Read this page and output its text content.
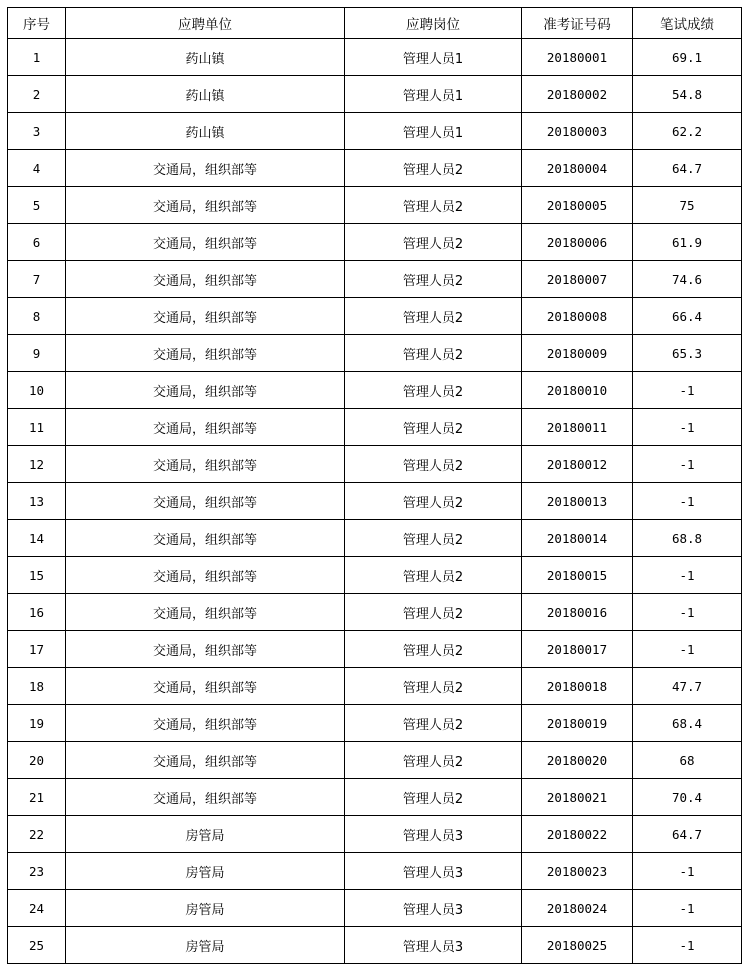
序号	应聘单位	应聘岗位	准考证号码	笔试成绩
1	药山镇	管理人员1	20180001	69.1
2	药山镇	管理人员1	20180002	54.8
3	药山镇	管理人员1	20180003	62.2
4	交通局，组织部等	管理人员2	20180004	64.7
5	交通局，组织部等	管理人员2	20180005	75
6	交通局，组织部等	管理人员2	20180006	61.9
7	交通局，组织部等	管理人员2	20180007	74.6
8	交通局，组织部等	管理人员2	20180008	66.4
9	交通局，组织部等	管理人员2	20180009	65.3
10	交通局，组织部等	管理人员2	20180010	-1
11	交通局，组织部等	管理人员2	20180011	-1
12	交通局，组织部等	管理人员2	20180012	-1
13	交通局，组织部等	管理人员2	20180013	-1
14	交通局，组织部等	管理人员2	20180014	68.8
15	交通局，组织部等	管理人员2	20180015	-1
16	交通局，组织部等	管理人员2	20180016	-1
17	交通局，组织部等	管理人员2	20180017	-1
18	交通局，组织部等	管理人员2	20180018	47.7
19	交通局，组织部等	管理人员2	20180019	68.4
20	交通局，组织部等	管理人员2	20180020	68
21	交通局，组织部等	管理人员2	20180021	70.4
22	房管局	管理人员3	20180022	64.7
23	房管局	管理人员3	20180023	-1
24	房管局	管理人员3	20180024	-1
25	房管局	管理人员3	20180025	-1
